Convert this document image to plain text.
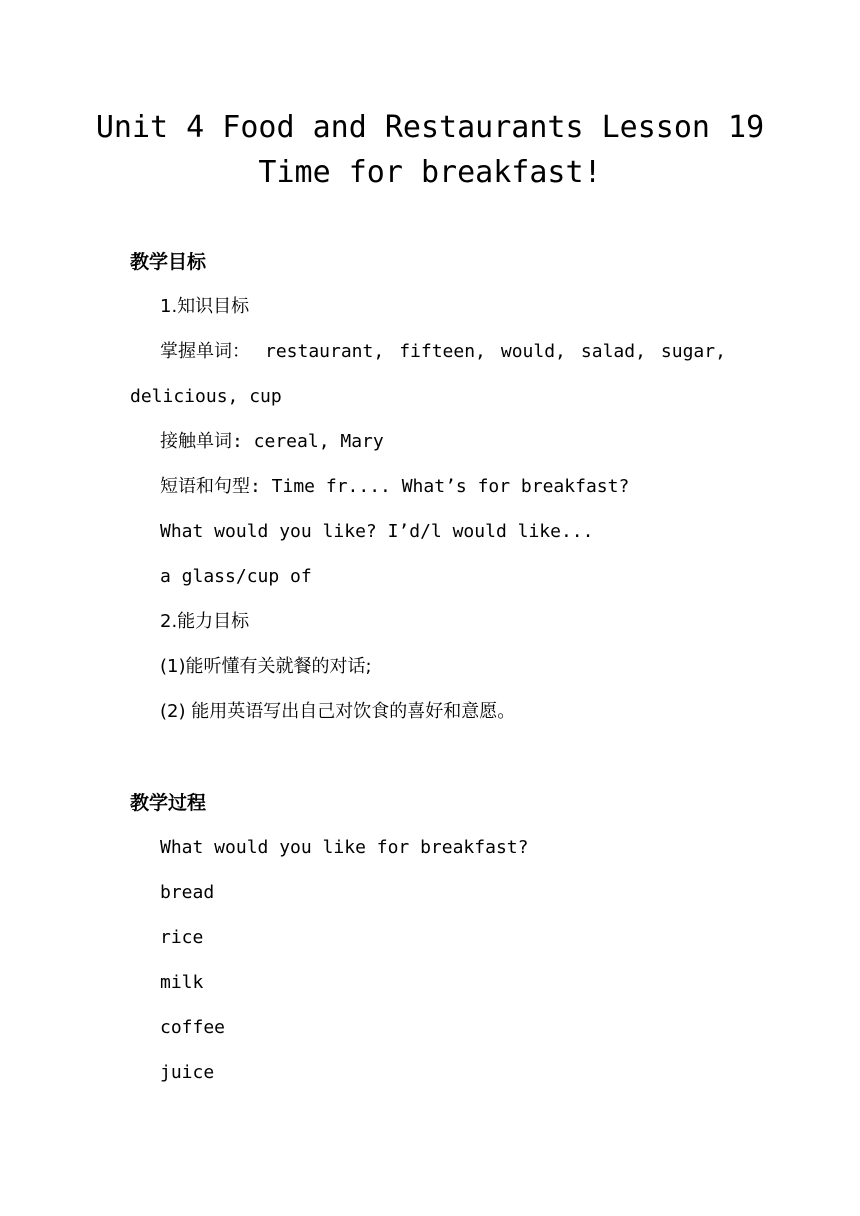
Unit 4 Food and Restaurants Lesson 19
Time for breakfast!
教学目标
1.知识目标
掌握单词： restaurant, fifteen, would, salad, sugar,
delicious, cup
接触单词: cereal, Mary
短语和句型: Time fr.... What’s for breakfast?
What would you like? I’d/l would like...
a glass/cup of
2.能力目标
(1)能听懂有关就餐的对话;
(2) 能用英语写出自己对饮食的喜好和意愿。
教学过程
What would you like for breakfast?
bread
rice
milk
coffee
juice
